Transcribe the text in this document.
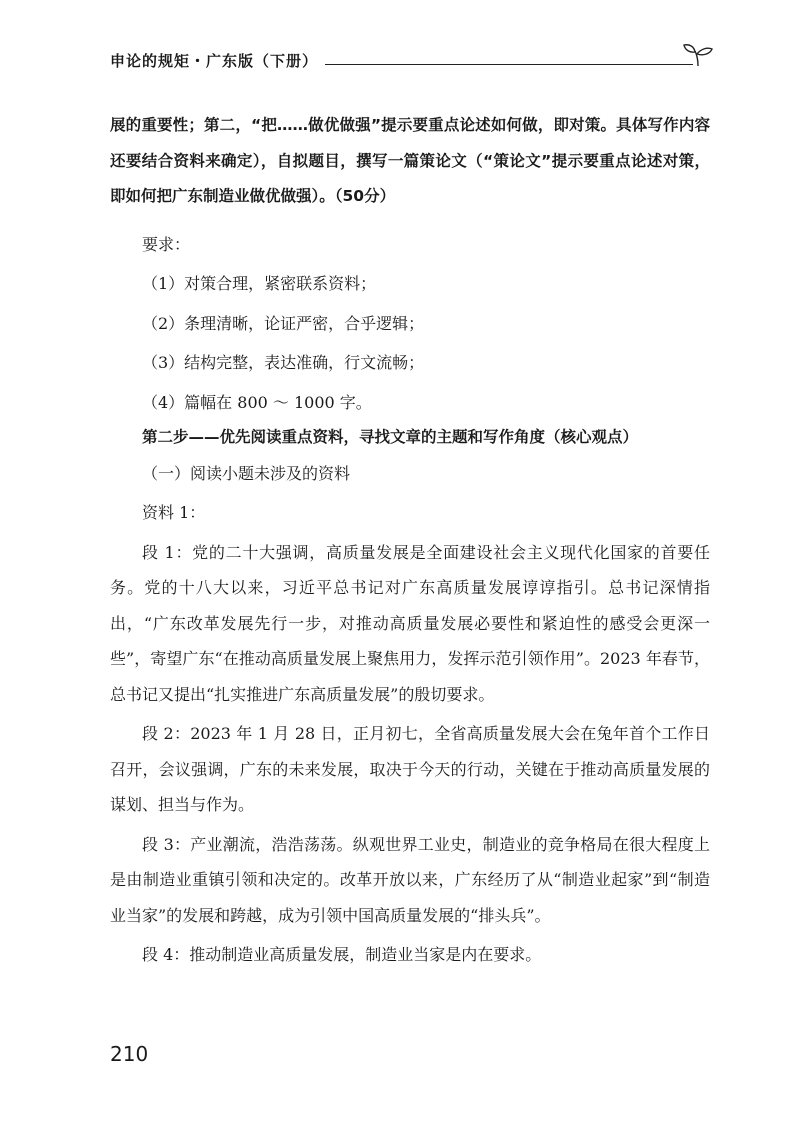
申论的规矩・广东版（下册）

展的重要性；第二，“把……做优做强”提示要重点论述如何做，即对策。具体写作内容还要结合资料来确定），自拟题目，撰写一篇策论文（“策论文”提示要重点论述对策，即如何把广东制造业做优做强）。（50分）

要求：

（1）对策合理，紧密联系资料；

（2）条理清晰，论证严密，合乎逻辑；

（3）结构完整，表达准确，行文流畅；

（4）篇幅在 800 ～ 1000 字。

第二步——优先阅读重点资料，寻找文章的主题和写作角度（核心观点）

（一）阅读小题未涉及的资料

资料 1：

段 1：党的二十大强调，高质量发展是全面建设社会主义现代化国家的首要任务。党的十八大以来，习近平总书记对广东高质量发展谆谆指引。总书记深情指出，“广东改革发展先行一步，对推动高质量发展必要性和紧迫性的感受会更深一些”，寄望广东“在推动高质量发展上聚焦用力，发挥示范引领作用”。2023 年春节，总书记又提出“扎实推进广东高质量发展”的殷切要求。

段 2：2023 年 1 月 28 日，正月初七，全省高质量发展大会在兔年首个工作日召开，会议强调，广东的未来发展，取决于今天的行动，关键在于推动高质量发展的谋划、担当与作为。

段 3：产业潮流，浩浩荡荡。纵观世界工业史，制造业的竞争格局在很大程度上是由制造业重镇引领和决定的。改革开放以来，广东经历了从“制造业起家”到“制造业当家”的发展和跨越，成为引领中国高质量发展的“排头兵”。

段 4：推动制造业高质量发展，制造业当家是内在要求。

210
